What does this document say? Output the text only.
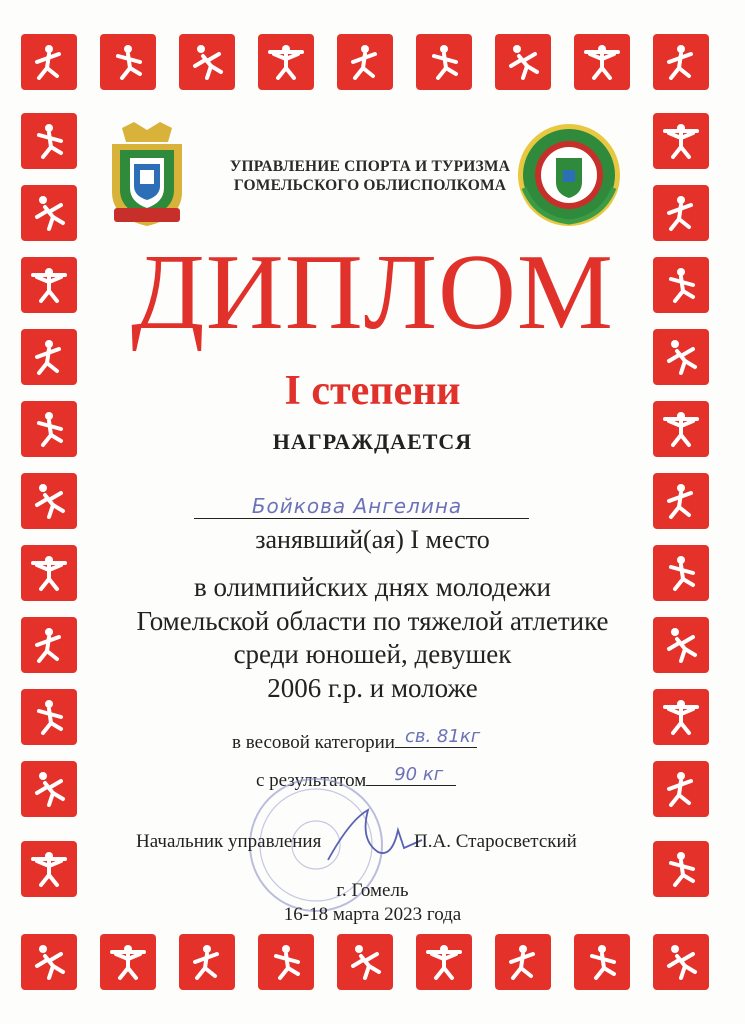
УПРАВЛЕНИЕ СПОРТА И ТУРИЗМА
ГОМЕЛЬСКОГО ОБЛИСПОЛКОМА
ДИПЛОМ
I степени
НАГРАЖДАЕТСЯ
Бойкова Ангелина
занявший(ая) I место
в олимпийских днях молодежи
Гомельской области по тяжелой атлетике
среди юношей, девушек
2006 г.р. и моложе
в весовой категории св. 81кг
с результатом 90 кг
Начальник управления	П.А. Старосветский
г. Гомель
16-18 марта 2023 года
